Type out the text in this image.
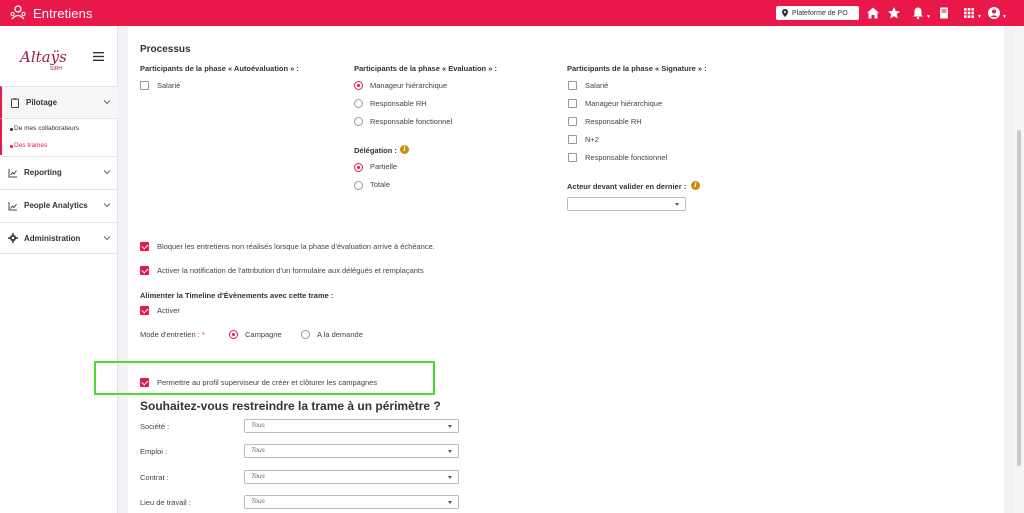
Entretiens	Plateforme de PO
▼	▼	▼
Altaÿs
SIRH
Pilotage
De mes collaborateurs
Des trames
Reporting
People Analytics
Administration
Processus
Participants de la phase « Autoévaluation » :
Salarié
Participants de la phase « Evaluation » :
Manageur hiérarchique
Responsable RH
Responsable fonctionnel
Délégation : i
Partielle
Totale
Participants de la phase « Signature » :
Salarié
Manageur hiérarchique
Responsable RH
N+2
Responsable fonctionnel
Acteur devant valider en dernier :	i
Bloquer les entretiens non réalisés lorsque la phase d'évaluation arrive à échéance.
Activer la notification de l'attribution d'un formulaire aux délégués et remplaçants
Alimenter la Timeline d'Évènements avec cette trame :
Activer
Mode d'entretien : *	Campagne	A la demande
Permettre au profil superviseur de créer et clôturer les campagnes
Souhaitez-vous restreindre la trame à un périmètre ?
Société :	Tous
Emploi :	Tous
Contrat :	Tous
Lieu de travail :	Tous
